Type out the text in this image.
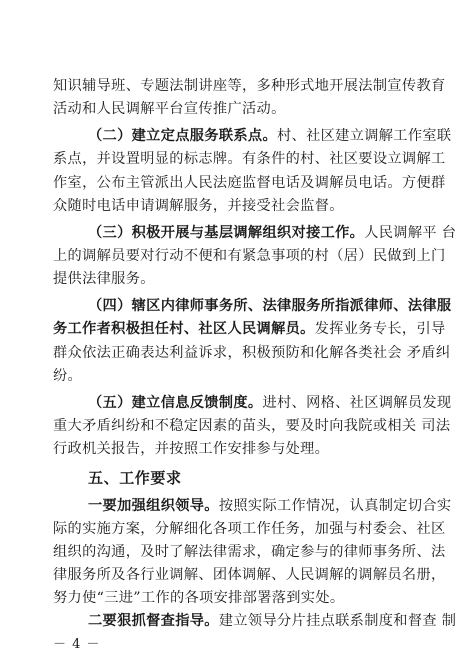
知识辅导班、专题法制讲座等，多种形式地开展法制宣传教育
活动和人民调解平台宣传推广活动。
（二）建立定点服务联系点。村、社区建立调解工作室联
系点，并设置明显的标志牌。有条件的村、社区要设立调解工
作室，公布主管派出人民法庭监督电话及调解员电话。方便群
众随时电话申请调解服务，并接受社会监督。
（三）积极开展与基层调解组织对接工作。人民调解平 台
上的调解员要对行动不便和有紧急事项的村（居）民做到上门
提供法律服务。
（四）辖区内律师事务所、法律服务所指派律师、法律服
务工作者积极担任村、社区人民调解员。发挥业务专长，引导
群众依法正确表达利益诉求，积极预防和化解各类社会 矛盾纠
纷。
（五）建立信息反馈制度。进村、网格、社区调解员发现
重大矛盾纠纷和不稳定因素的苗头，要及时向我院或相关 司法
行政机关报告，并按照工作安排参与处理。
五、工作要求
一要加强组织领导。按照实际工作情况，认真制定切合实
际的实施方案，分解细化各项工作任务，加强与村委会、社区
组织的沟通，及时了解法律需求，确定参与的律师事务所、法
律服务所及各行业调解、团体调解、人民调解的调解员名册，
努力使“三进”工作的各项安排部署落到实处。
二要狠抓督查指导。建立领导分片挂点联系制度和督查 制
－ 4 －
